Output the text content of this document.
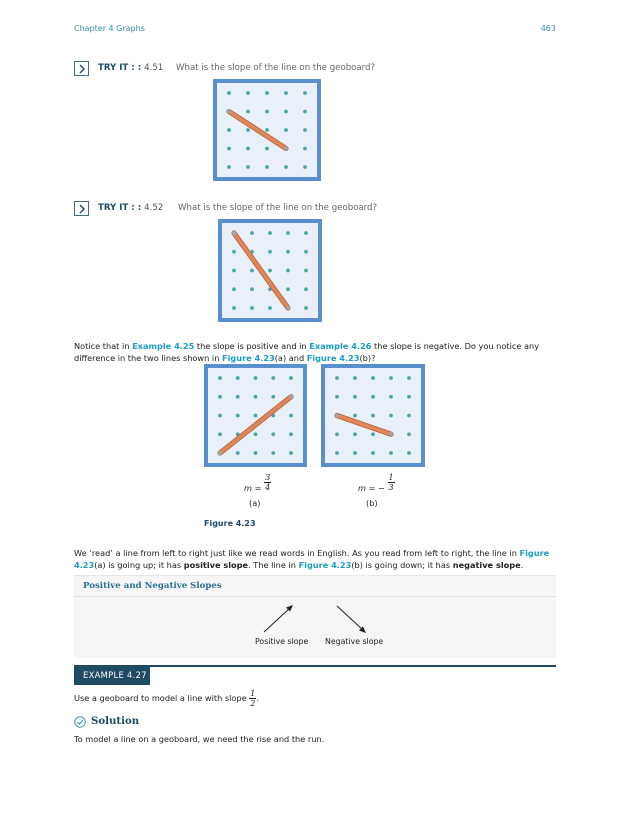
Chapter 4 Graphs	463
TRY IT : : 4.51 What is the slope of the line on the geoboard?
TRY IT : : 4.52 What is the slope of the line on the geoboard?
Notice that in Example 4.25 the slope is positive and in Example 4.26 the slope is negative. Do you notice any difference in the two lines shown in Figure 4.23(a) and Figure 4.23(b)?
$m = \frac{3}{4}$	m = − $\frac{1}{3}$
(a)	(b)
Figure 4.23
We ‘read’ a line from left to right just like we read words in English. As you read from left to right, the line in Figure 4.23(a) is going up; it has positive slope. The line in Figure 4.23(b) is going down; it has negative slope.
Positive and Negative Slopes
Positive slope Negative slope
EXAMPLE 4.27
Use a geoboard to model a line with slope $\frac{1}{2}$ .
Solution
To model a line on a geoboard, we need the rise and the run.
